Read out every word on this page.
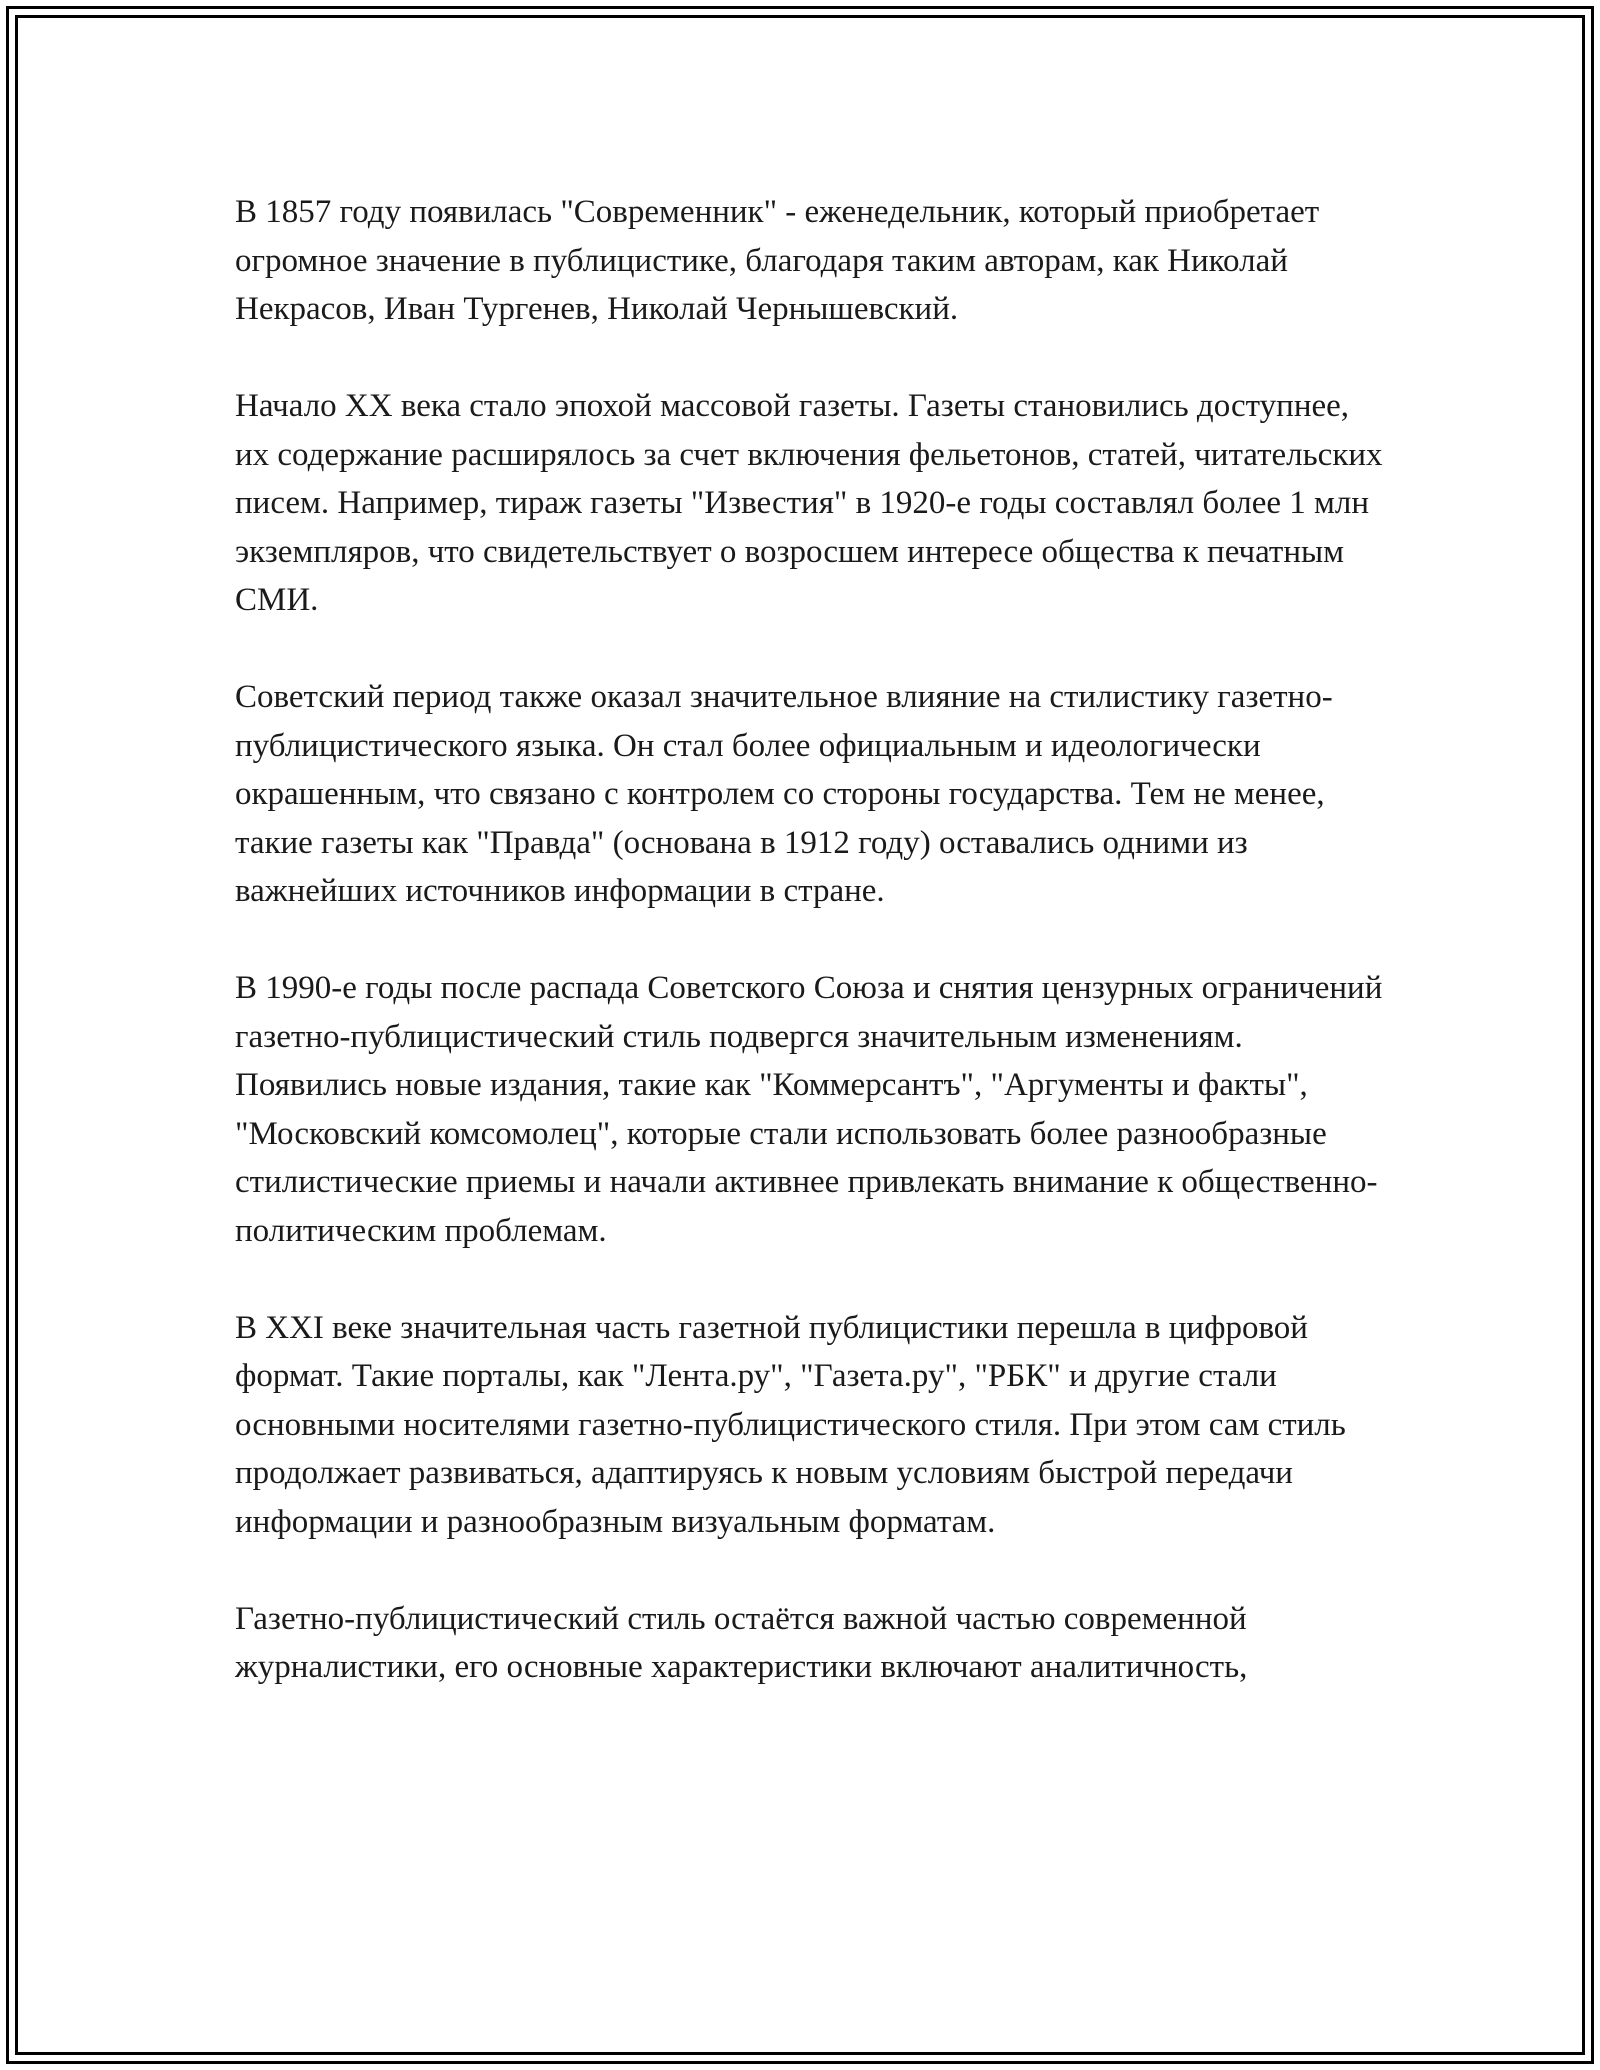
В 1857 году появилась "Современник" - еженедельник, который приобретает огромное значение в публицистике, благодаря таким авторам, как Николай Некрасов, Иван Тургенев, Николай Чернышевский.

Начало XX века стало эпохой массовой газеты. Газеты становились доступнее, их содержание расширялось за счет включения фельетонов, статей, читательских писем. Например, тираж газеты "Известия" в 1920-е годы составлял более 1 млн экземпляров, что свидетельствует о возросшем интересе общества к печатным СМИ.

Советский период также оказал значительное влияние на стилистику газетно-публицистического языка. Он стал более официальным и идеологически окрашенным, что связано с контролем со стороны государства. Тем не менее, такие газеты как "Правда" (основана в 1912 году) оставались одними из важнейших источников информации в стране.

В 1990-е годы после распада Советского Союза и снятия цензурных ограничений газетно-публицистический стиль подвергся значительным изменениям. Появились новые издания, такие как "Коммерсантъ", "Аргументы и факты", "Московский комсомолец", которые стали использовать более разнообразные стилистические приемы и начали активнее привлекать внимание к общественно-политическим проблемам.

В XXI веке значительная часть газетной публицистики перешла в цифровой формат. Такие порталы, как "Лента.ру", "Газета.ру", "РБК" и другие стали основными носителями газетно-публицистического стиля. При этом сам стиль продолжает развиваться, адаптируясь к новым условиям быстрой передачи информации и разнообразным визуальным форматам.

Газетно-публицистический стиль остаётся важной частью современной журналистики, его основные характеристики включают аналитичность,
